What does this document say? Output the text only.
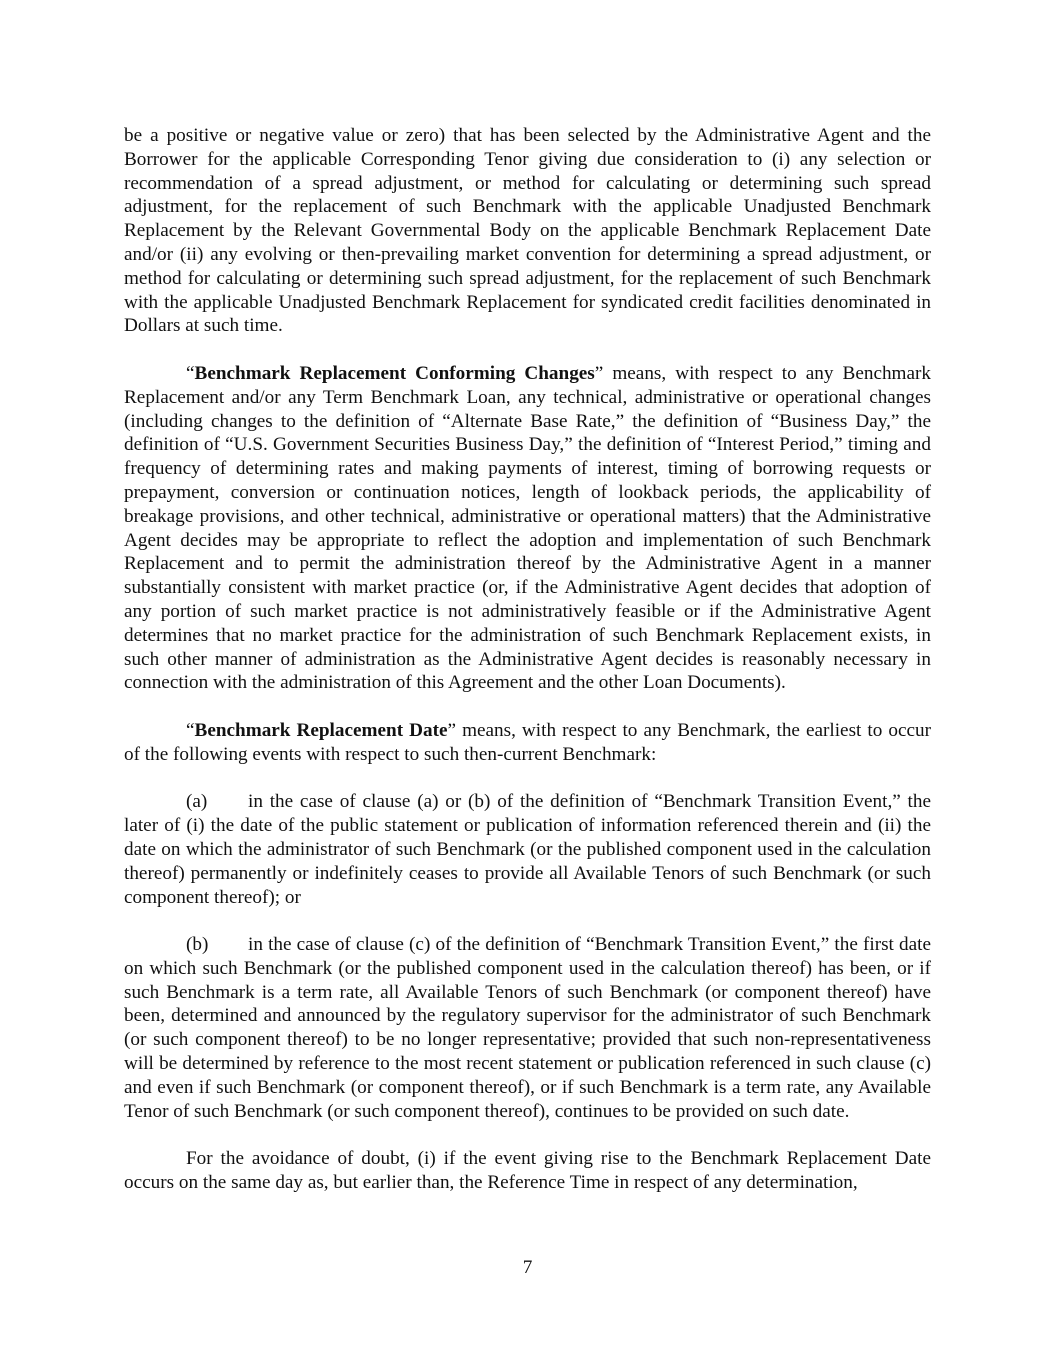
be a positive or negative value or zero) that has been selected by the Administrative Agent and the Borrower for the applicable Corresponding Tenor giving due consideration to (i) any selection or recommendation of a spread adjustment, or method for calculating or determining such spread adjustment, for the replacement of such Benchmark with the applicable Unadjusted Benchmark Replacement by the Relevant Governmental Body on the applicable Benchmark Replacement Date and/or (ii) any evolving or then-prevailing market convention for determining a spread adjustment, or method for calculating or determining such spread adjustment, for the replacement of such Benchmark with the applicable Unadjusted Benchmark Replacement for syndicated credit facilities denominated in Dollars at such time.

“Benchmark Replacement Conforming Changes” means, with respect to any Benchmark Replacement and/or any Term Benchmark Loan, any technical, administrative or operational changes (including changes to the definition of “Alternate Base Rate,” the definition of “Business Day,” the definition of “U.S. Government Securities Business Day,” the definition of “Interest Period,” timing and frequency of determining rates and making payments of interest, timing of borrowing requests or prepayment, conversion or continuation notices, length of lookback periods, the applicability of breakage provisions, and other technical, administrative or operational matters) that the Administrative Agent decides may be appropriate to reflect the adoption and implementation of such Benchmark Replacement and to permit the administration thereof by the Administrative Agent in a manner substantially consistent with market practice (or, if the Administrative Agent decides that adoption of any portion of such market practice is not administratively feasible or if the Administrative Agent determines that no market practice for the administration of such Benchmark Replacement exists, in such other manner of administration as the Administrative Agent decides is reasonably necessary in connection with the administration of this Agreement and the other Loan Documents).

“Benchmark Replacement Date” means, with respect to any Benchmark, the earliest to occur of the following events with respect to such then-current Benchmark:

(a) in the case of clause (a) or (b) of the definition of “Benchmark Transition Event,” the later of (i) the date of the public statement or publication of information referenced therein and (ii) the date on which the administrator of such Benchmark (or the published component used in the calculation thereof) permanently or indefinitely ceases to provide all Available Tenors of such Benchmark (or such component thereof); or

(b) in the case of clause (c) of the definition of “Benchmark Transition Event,” the first date on which such Benchmark (or the published component used in the calculation thereof) has been, or if such Benchmark is a term rate, all Available Tenors of such Benchmark (or component thereof) have been, determined and announced by the regulatory supervisor for the administrator of such Benchmark (or such component thereof) to be no longer representative; provided that such non-representativeness will be determined by reference to the most recent statement or publication referenced in such clause (c) and even if such Benchmark (or component thereof), or if such Benchmark is a term rate, any Available Tenor of such Benchmark (or such component thereof), continues to be provided on such date.

For the avoidance of doubt, (i) if the event giving rise to the Benchmark Replacement Date occurs on the same day as, but earlier than, the Reference Time in respect of any determination,

7
